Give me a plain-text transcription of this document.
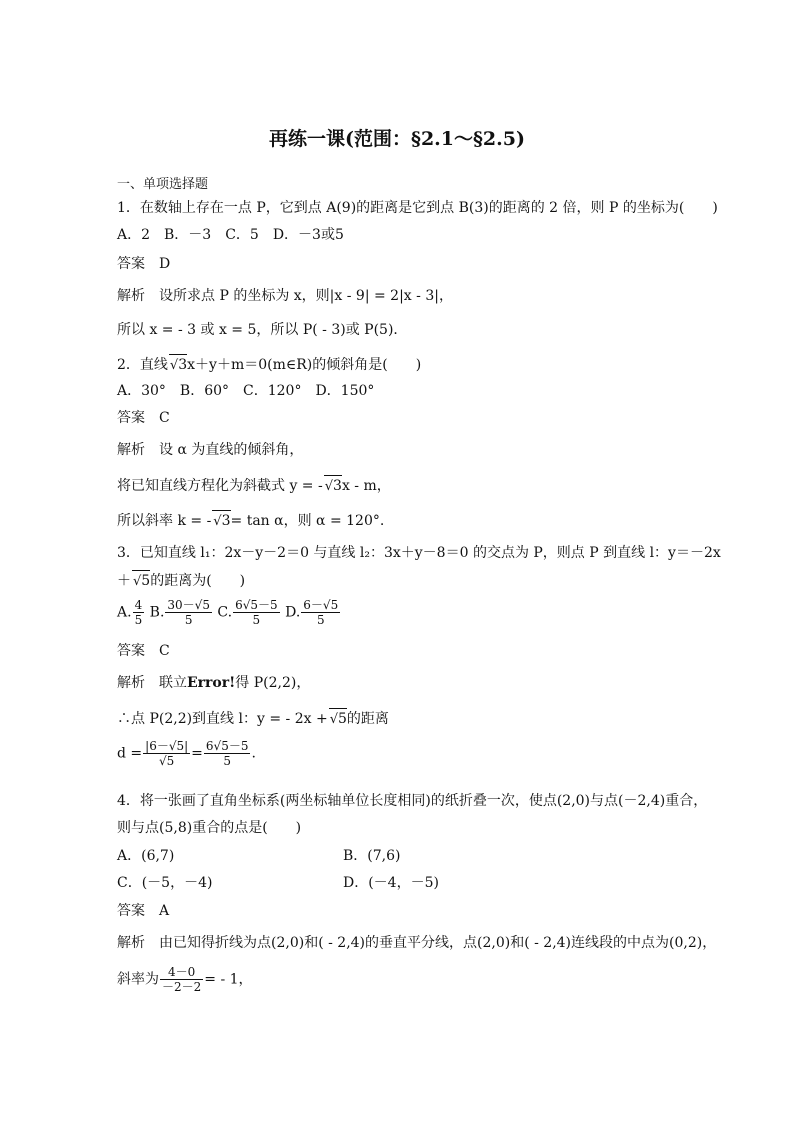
再练一课(范围：§2.1～§2.5)
一、单项选择题
1．在数轴上存在一点 P，它到点 A(9)的距离是它到点 B(3)的距离的 2 倍，则 P 的坐标为(　　)
A．2　B．－3　C．5　D．－3或5
答案 D
解析 设所求点 P 的坐标为 x，则|x - 9| = 2|x - 3|，
所以 x = - 3 或 x = 5，所以 P( - 3)或 P(5)．
2．直线 √3x＋y＋m＝0(m∈R)的倾斜角是(　　)
A．30°　B．60°　C．120°　D．150°
答案 C
解析 设 α 为直线的倾斜角，
将已知直线方程化为斜截式 y = - √3x - m，
所以斜率 k = - √3= tan α，则 α = 120°.
3．已知直线 l₁：2x－y－2＝0 与直线 l₂：3x＋y－8＝0 的交点为 P，则点 P 到直线 l：y＝－2x
＋ √5的距离为(　　)
A. $\frac{4}{5} B$. $\frac{30-√5}{5} C$. $\frac{6√5-5}{5} D$. $\frac{6-√5}{5}$
答案 C
解析 联立Error!得 P(2,2)，
∴点 P(2,2)到直线 l：y = - 2x + √5的距离
$d = \frac{|6-√5|}{√5} = \frac{6√5-5}{5}$ .
4．将一张画了直角坐标系(两坐标轴单位长度相同)的纸折叠一次，使点(2,0)与点(－2,4)重合，
则与点(5,8)重合的点是(　　)
A．(6,7)	B．(7,6)
C．(－5，－4)	D．(－4，－5)
答案 A
解析 由已知得折线为点(2,0)和( - 2,4)的垂直平分线，点(2,0)和( - 2,4)连线段的中点为(0,2)，
斜率为 $\frac{4-0}{-2-2}$ = - 1，
